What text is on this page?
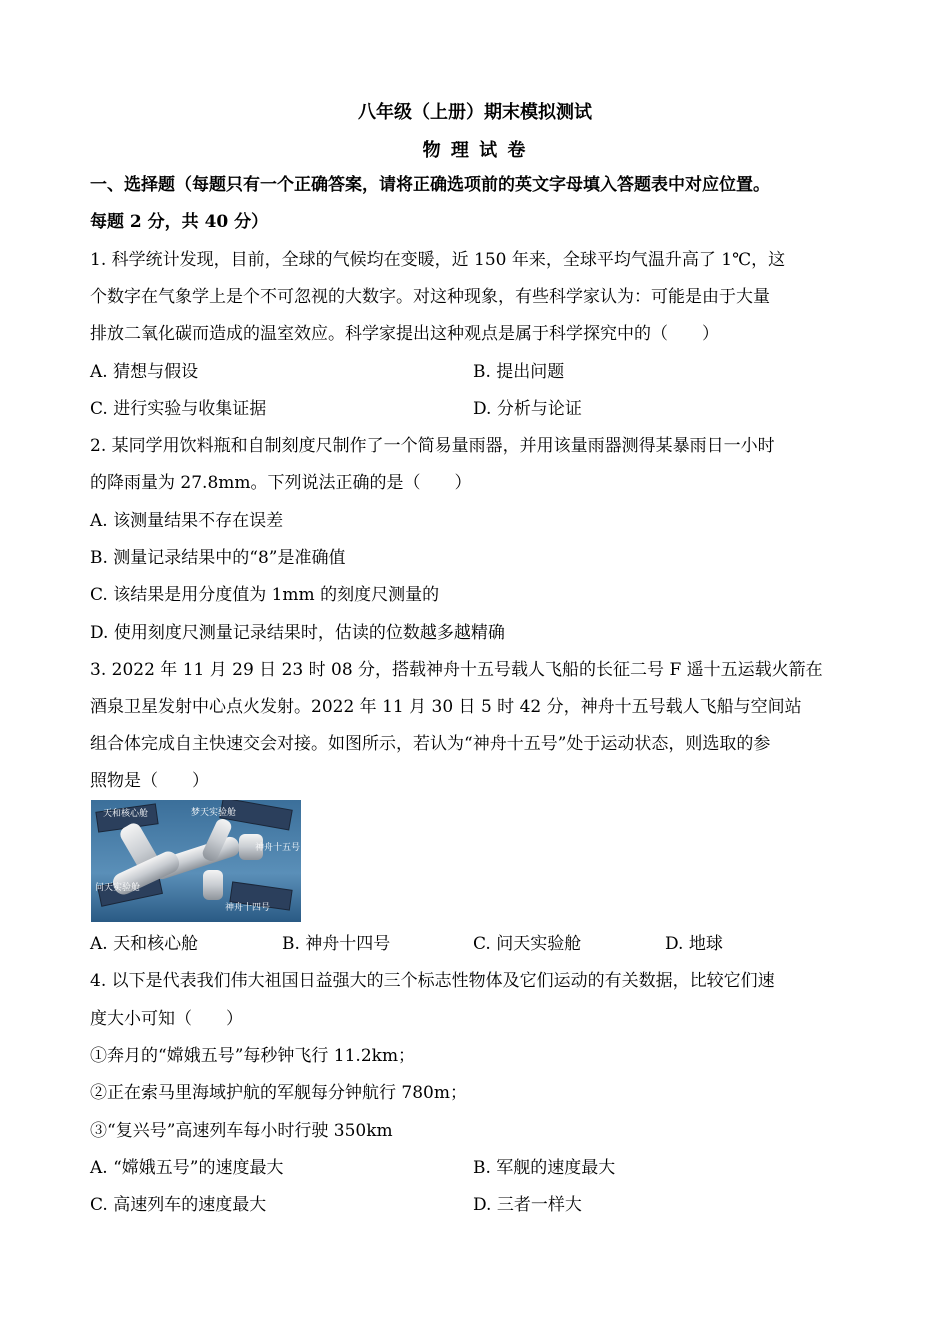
八年级（上册）期末模拟测试
物 理 试 卷
一、选择题（每题只有一个正确答案，请将正确选项前的英文字母填入答题表中对应位置。
每题 2 分，共 40 分）
1. 科学统计发现，目前，全球的气候均在变暖，近 150 年来，全球平均气温升高了 1℃，这
个数字在气象学上是个不可忽视的大数字。对这种现象，有些科学家认为：可能是由于大量
排放二氧化碳而造成的温室效应。科学家提出这种观点是属于科学探究中的（　　）
A. 猜想与假设	B. 提出问题
C. 进行实验与收集证据	D. 分析与论证
2. 某同学用饮料瓶和自制刻度尺制作了一个简易量雨器，并用该量雨器测得某暴雨日一小时
的降雨量为 27.8mm。下列说法正确的是（　　）
A. 该测量结果不存在误差
B. 测量记录结果中的“8”是准确值
C. 该结果是用分度值为 1mm 的刻度尺测量的
D. 使用刻度尺测量记录结果时，估读的位数越多越精确
3. 2022 年 11 月 29 日 23 时 08 分，搭载神舟十五号载人飞船的长征二号 F 遥十五运载火箭在
酒泉卫星发射中心点火发射。2022 年 11 月 30 日 5 时 42 分，神舟十五号载人飞船与空间站
组合体完成自主快速交会对接。如图所示，若认为“神舟十五号”处于运动状态，则选取的参
照物是（　　）
天和核心舱	梦天实验舱
神舟十五号
问天实验舱
神舟十四号
A. 天和核心舱	B. 神舟十四号	C. 问天实验舱	D. 地球
4. 以下是代表我们伟大祖国日益强大的三个标志性物体及它们运动的有关数据，比较它们速
度大小可知（　　）
①奔月的“嫦娥五号”每秒钟飞行 11.2km；
②正在索马里海域护航的军舰每分钟航行 780m；
③“复兴号”高速列车每小时行驶 350km
A. “嫦娥五号”的速度最大	B. 军舰的速度最大
C. 高速列车的速度最大	D. 三者一样大
